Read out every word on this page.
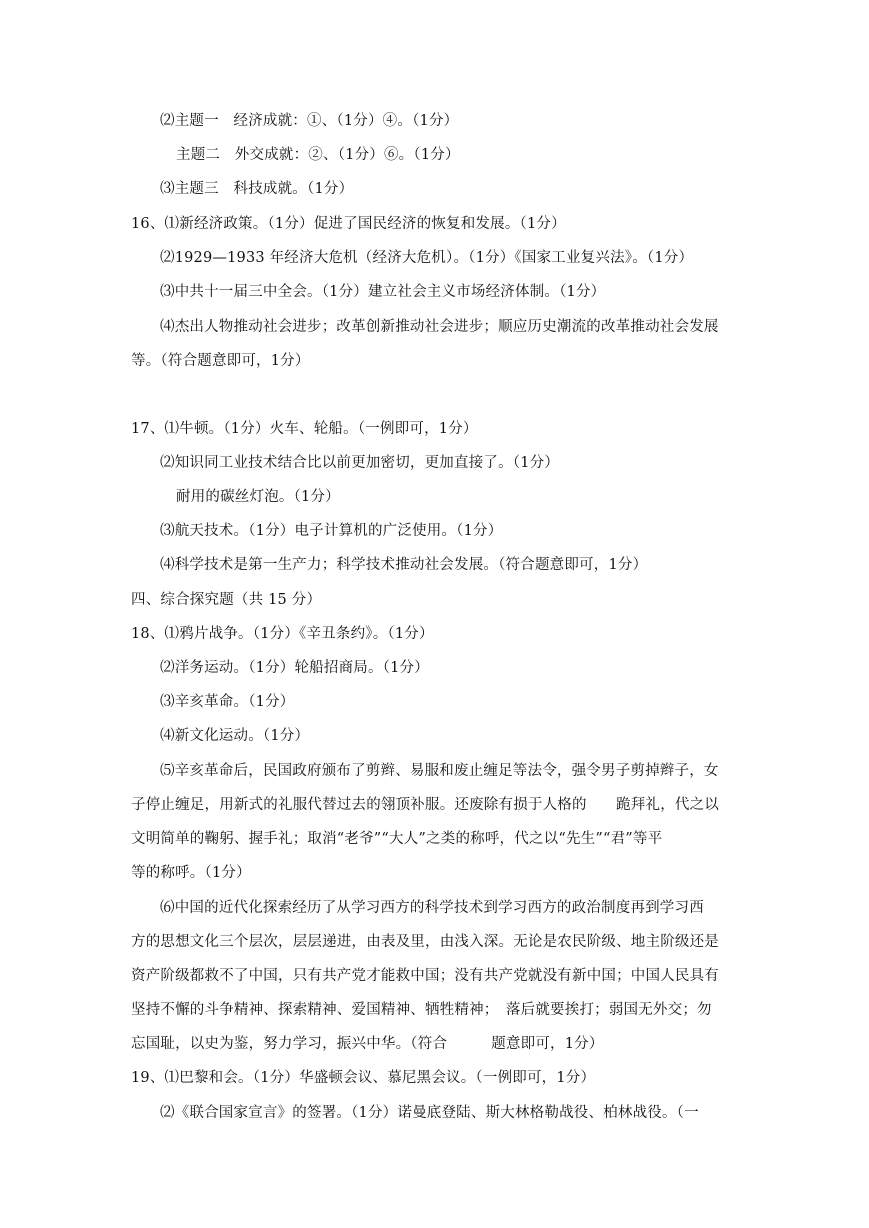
⑵主题一　经济成就：①、（1分）④。（1分）
主题二　外交成就：②、（1分）⑥。（1分）
⑶主题三　科技成就。（1分）
16、⑴新经济政策。（1分）促进了国民经济的恢复和发展。（1分）
⑵1929—1933 年经济大危机（经济大危机）。（1分）《国家工业复兴法》。（1分）
⑶中共十一届三中全会。（1分）建立社会主义市场经济体制。（1分）
⑷杰出人物推动社会进步；改革创新推动社会进步；顺应历史潮流的改革推动社会发展
等。（符合题意即可，1分）
17、⑴牛顿。（1分）火车、轮船。（一例即可，1分）
⑵知识同工业技术结合比以前更加密切，更加直接了。（1分）
耐用的碳丝灯泡。（1分）
⑶航天技术。（1分）电子计算机的广泛使用。（1分）
⑷科学技术是第一生产力；科学技术推动社会发展。（符合题意即可，1分）
四、综合探究题（共 15 分）
18、⑴鸦片战争。（1分）《辛丑条约》。（1分）
⑵洋务运动。（1分）轮船招商局。（1分）
⑶辛亥革命。（1分）
⑷新文化运动。（1分）
⑸辛亥革命后，民国政府颁布了剪辫、易服和废止缠足等法令，强令男子剪掉辫子，女
子停止缠足，用新式的礼服代替过去的翎顶补服。还废除有损于人格的　　跪拜礼，代之以
文明简单的鞠躬、握手礼；取消“老爷”“大人”之类的称呼，代之以“先生”“君”等平
等的称呼。（1分）
⑹中国的近代化探索经历了从学习西方的科学技术到学习西方的政治制度再到学习西
方的思想文化三个层次，层层递进，由表及里，由浅入深。无论是农民阶级、地主阶级还是
资产阶级都救不了中国，只有共产党才能救中国；没有共产党就没有新中国；中国人民具有
坚持不懈的斗争精神、探索精神、爱国精神、牺牲精神；　落后就要挨打；弱国无外交；勿
忘国耻，以史为鉴，努力学习，振兴中华。（符合　　　题意即可，1分）
19、⑴巴黎和会。（1分）华盛顿会议、慕尼黑会议。（一例即可，1分）
⑵《联合国家宣言》的签署。（1分）诺曼底登陆、斯大林格勒战役、柏林战役。（一
